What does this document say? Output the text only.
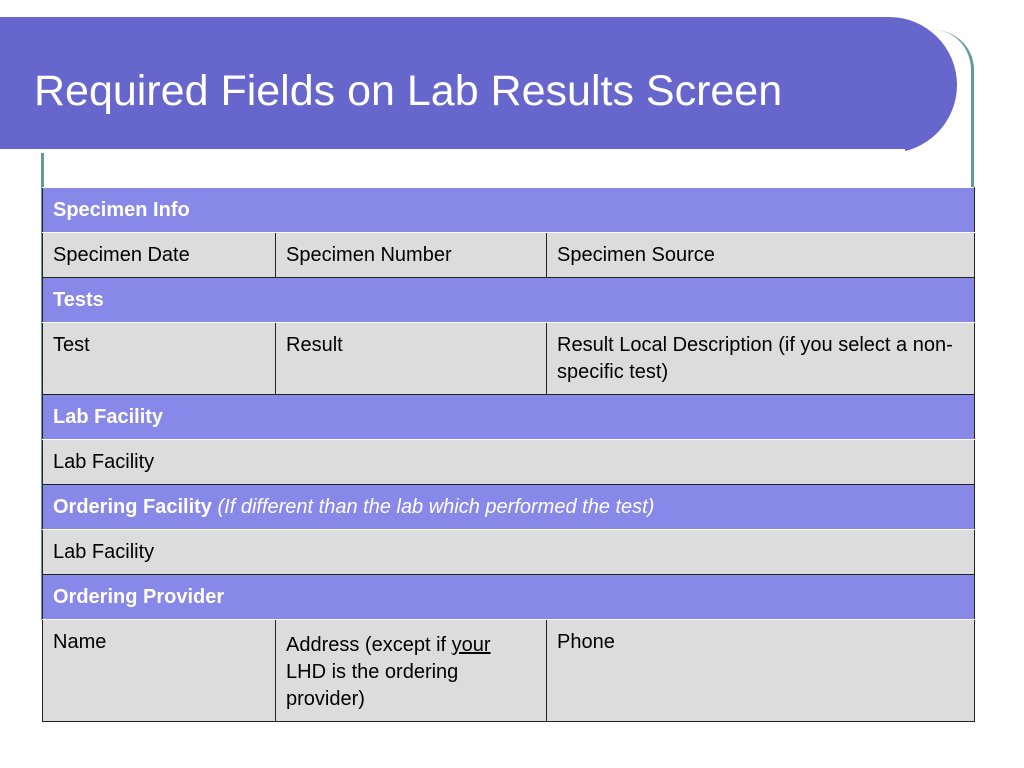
Required Fields on Lab Results Screen
Specimen Info		
Specimen Date	Specimen Number	Specimen Source
Tests		
Test	Result	Result Local Description (if you select a non-specific test)
Lab Facility		
Lab Facility		
Ordering Facility (If different than the lab which performed the test)		
Lab Facility		
Ordering Provider		
Name	Address (except if your LHD is the ordering provider)	Phone
